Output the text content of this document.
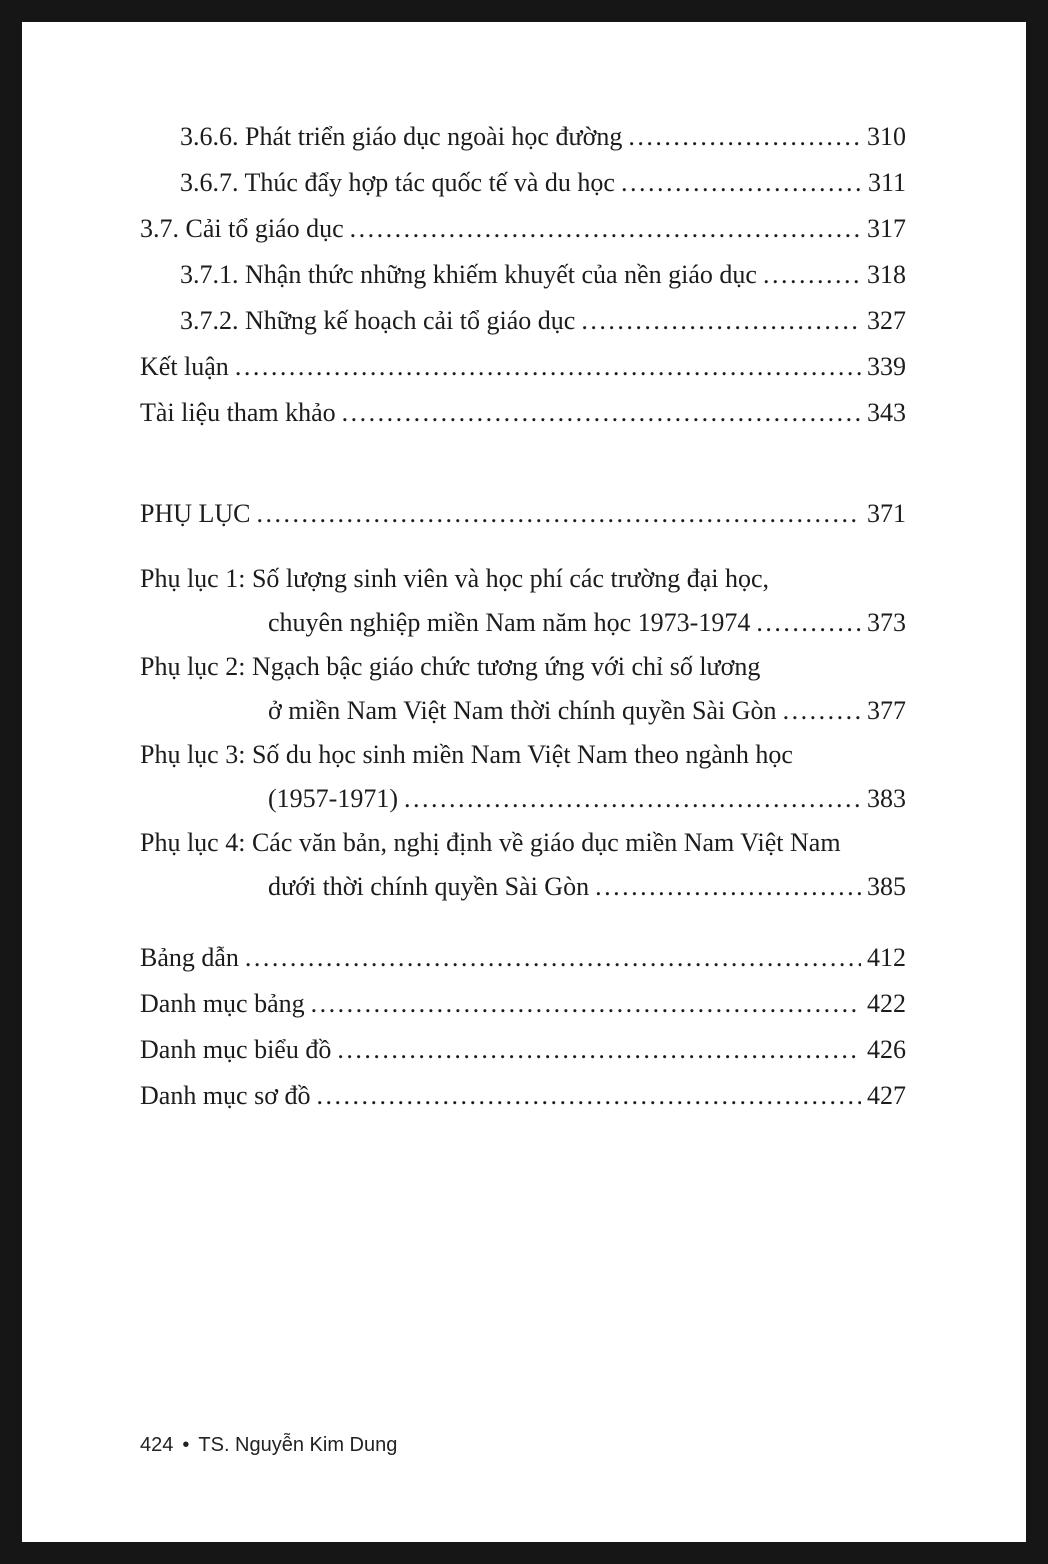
3.6.6. Phát triển giáo dục ngoài học đường .....	310
3.6.7. Thúc đẩy hợp tác quốc tế và du học .....	311
3.7. Cải tổ giáo dục .....	317
3.7.1. Nhận thức những khiếm khuyết của nền giáo dục .....	318
3.7.2. Những kế hoạch cải tổ giáo dục .....	327
Kết luận .....	339
Tài liệu tham khảo .....	343
PHỤ LỤC .....	371
Phụ lục 1: Số lượng sinh viên và học phí các trường đại học,
chuyên nghiệp miền Nam năm học 1973-1974 .....	373
Phụ lục 2: Ngạch bậc giáo chức tương ứng với chỉ số lương
ở miền Nam Việt Nam thời chính quyền Sài Gòn .....	377
Phụ lục 3: Số du học sinh miền Nam Việt Nam theo ngành học
(1957-1971) .....	383
Phụ lục 4: Các văn bản, nghị định về giáo dục miền Nam Việt Nam
dưới thời chính quyền Sài Gòn .....	385
Bảng dẫn .....	412
Danh mục bảng .....	422
Danh mục biểu đồ .....	426
Danh mục sơ đồ .....	427
424 • TS. Nguyễn Kim Dung
